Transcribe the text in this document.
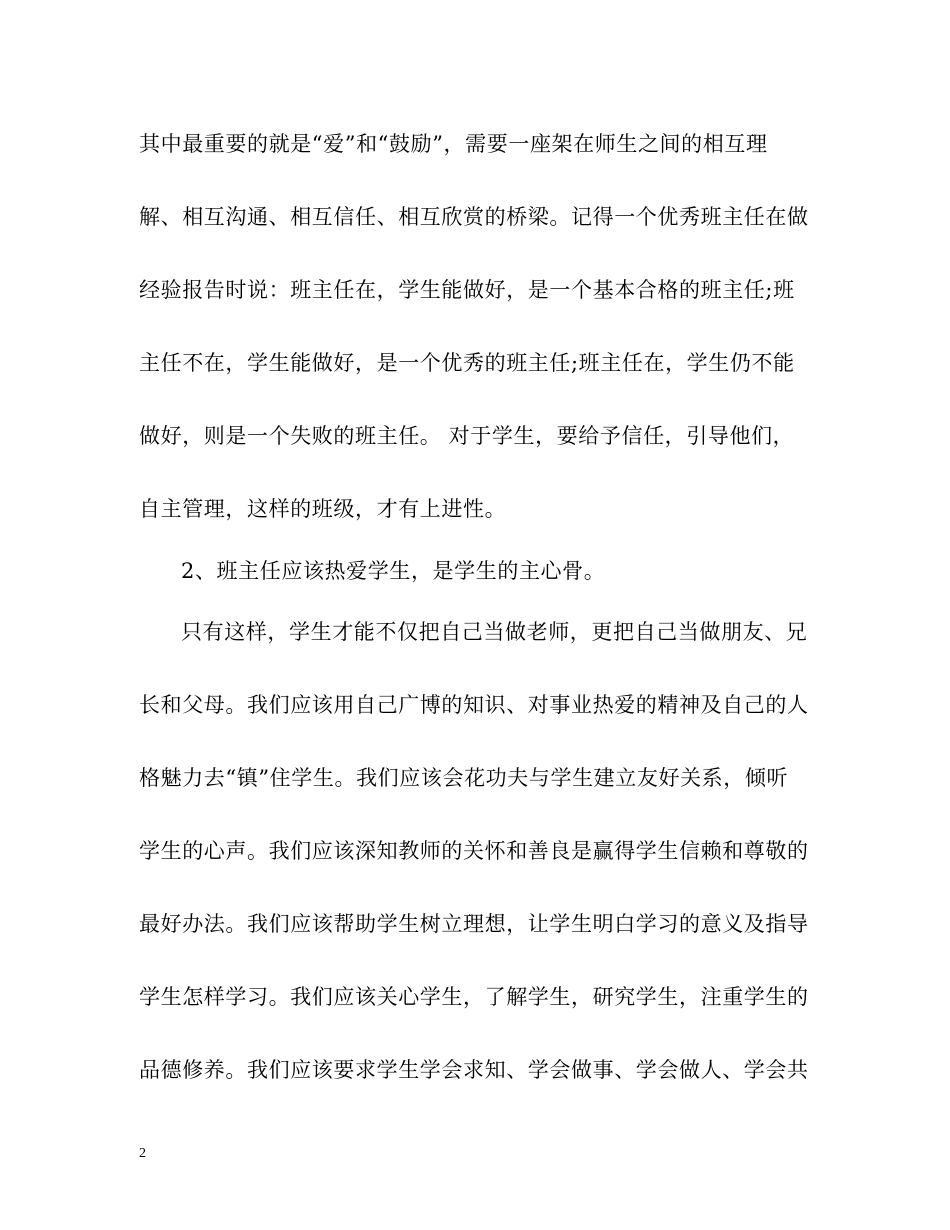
其中最重要的就是“爱”和“鼓励”，需要一座架在师生之间的相互理
解、相互沟通、相互信任、相互欣赏的桥梁。记得一个优秀班主任在做
经验报告时说：班主任在，学生能做好，是一个基本合格的班主任;班
主任不在，学生能做好，是一个优秀的班主任;班主任在，学生仍不能
做好，则是一个失败的班主任。 对于学生，要给予信任，引导他们，
自主管理，这样的班级，才有上进性。
2、班主任应该热爱学生，是学生的主心骨。
只有这样，学生才能不仅把自己当做老师，更把自己当做朋友、兄
长和父母。我们应该用自己广博的知识、对事业热爱的精神及自己的人
格魅力去“镇”住学生。我们应该会花功夫与学生建立友好关系，倾听
学生的心声。我们应该深知教师的关怀和善良是赢得学生信赖和尊敬的
最好办法。我们应该帮助学生树立理想，让学生明白学习的意义及指导
学生怎样学习。我们应该关心学生，了解学生，研究学生，注重学生的
品德修养。我们应该要求学生学会求知、学会做事、学会做人、学会共
2
